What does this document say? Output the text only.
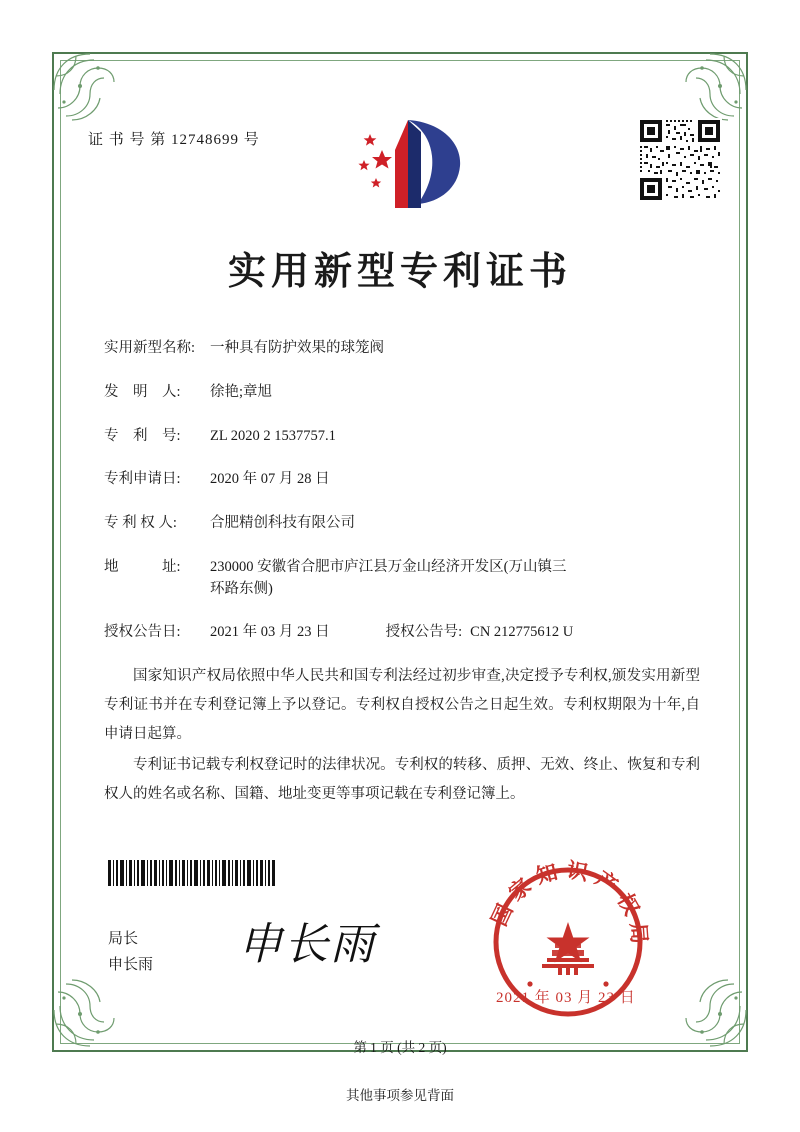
证 书 号 第 12748699 号
实用新型专利证书
实用新型名称:	一种具有防护效果的球笼阀
发　明　人:	徐艳;章旭
专　利　号:	ZL 2020 2 1537757.1
专利申请日:	2020 年 07 月 28 日
专 利 权 人:	合肥精创科技有限公司
地　　　址:	230000 安徽省合肥市庐江县万金山经济开发区(万山镇三
环路东侧)
授权公告日:	2021 年 03 月 23 日	授权公告号: CN 212775612 U

国家知识产权局依照中华人民共和国专利法经过初步审查,决定授予专利权,颁发实用新型专利证书并在专利登记簿上予以登记。专利权自授权公告之日起生效。专利权期限为十年,自申请日起算。

专利证书记载专利权登记时的法律状况。专利权的转移、质押、无效、终止、恢复和专利权人的姓名或名称、国籍、地址变更等事项记载在专利登记簿上。

局长
申长雨 申长雨
国家知识产权局
2021 年 03 月 23 日
第 1 页 (共 2 页)
其他事项参见背面
